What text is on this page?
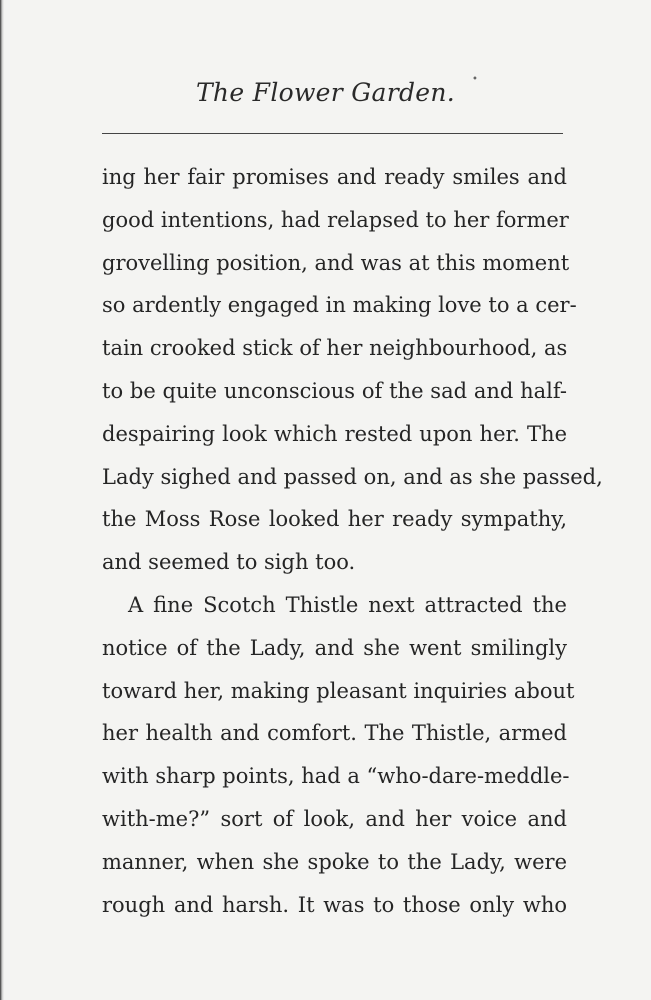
The Flower Garden.	•
ing her fair promises and ready smiles and
good intentions, had relapsed to her former
grovelling position, and was at this moment
so ardently engaged in making love to a cer-
tain crooked stick of her neighbourhood, as
to be quite unconscious of the sad and half-
despairing look which rested upon her. The
Lady sighed and passed on, and as she passed,
the Moss Rose looked her ready sympathy,
and seemed to sigh too.
A fine Scotch Thistle next attracted the
notice of the Lady, and she went smilingly
toward her, making pleasant inquiries about
her health and comfort. The Thistle, armed
with sharp points, had a “who-dare-meddle-
with-me?” sort of look, and her voice and
manner, when she spoke to the Lady, were
rough and harsh. It was to those only who
